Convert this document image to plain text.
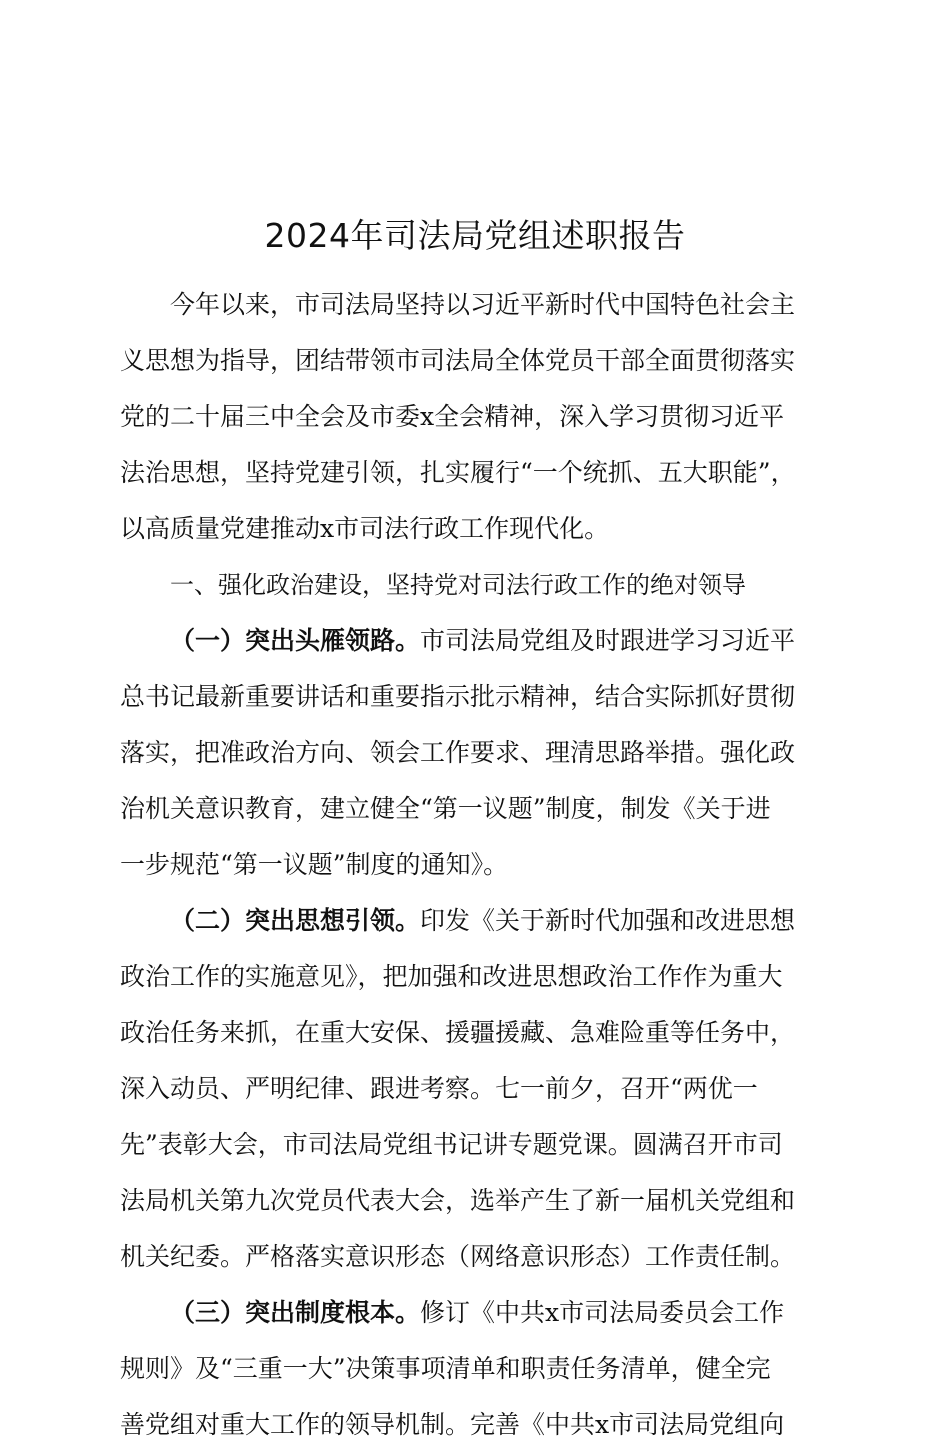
2024年司法局党组述职报告
今年以来，市司法局坚持以习近平新时代中国特色社会主
义思想为指导，团结带领市司法局全体党员干部全面贯彻落实
党的二十届三中全会及市委x全会精神，深入学习贯彻习近平
法治思想，坚持党建引领，扎实履行“一个统抓、五大职能”，
以高质量党建推动x市司法行政工作现代化。
一、强化政治建设，坚持党对司法行政工作的绝对领导
（一）突出头雁领路。市司法局党组及时跟进学习习近平
总书记最新重要讲话和重要指示批示精神，结合实际抓好贯彻
落实，把准政治方向、领会工作要求、理清思路举措。强化政
治机关意识教育，建立健全“第一议题”制度，制发《关于进
一步规范“第一议题”制度的通知》。
（二）突出思想引领。印发《关于新时代加强和改进思想
政治工作的实施意见》，把加强和改进思想政治工作作为重大
政治任务来抓，在重大安保、援疆援藏、急难险重等任务中，
深入动员、严明纪律、跟进考察。七一前夕，召开“两优一
先”表彰大会，市司法局党组书记讲专题党课。圆满召开市司
法局机关第九次党员代表大会，选举产生了新一届机关党组和
机关纪委。严格落实意识形态（网络意识形态）工作责任制。
（三）突出制度根本。修订《中共x市司法局委员会工作
规则》及“三重一大”决策事项清单和职责任务清单，健全完
善党组对重大工作的领导机制。完善《中共x市司法局党组向
